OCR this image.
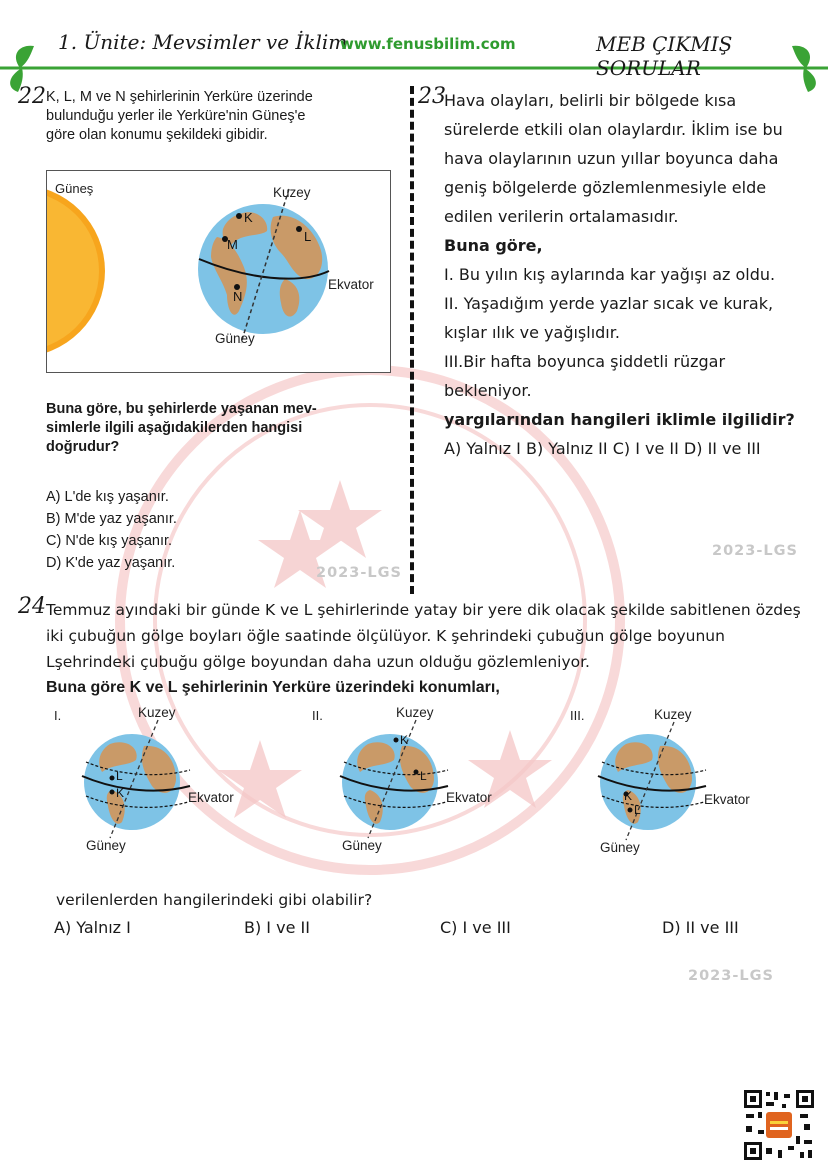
1. Ünite: Mevsimler ve İklim
www.fenusbilim.com	MEB ÇIKMIŞ SORULAR
22 K, L, M ve N şehirlerinin Yerküre üzerinde
bulunduğu yerler ile Yerküre'nin Güneş'e
göre olan konumu şekildeki gibidir.
Güneş
K
L
M
N
Kuzey
Güney
Ekvator
Buna göre, bu şehirlerde yaşanan mev-
simlerle ilgili aşağıdakilerden hangisi
doğrudur?
A) L'de kış yaşanır.
B) M'de yaz yaşanır.
C) N'de kış yaşanır.
D) K'de yaz yaşanır.
2023-LGS
23
Hava olayları, belirli bir bölgede kısa
sürelerde etkili olan olaylardır. İklim ise bu
hava olaylarının uzun yıllar boyunca daha
geniş bölgelerde gözlemlenmesiyle elde
edilen verilerin ortalamasıdır.
Buna göre,
I. Bu yılın kış aylarında kar yağışı az oldu.
II. Yaşadığım yerde yazlar sıcak ve kurak,
kışlar ılık ve yağışlıdır.
III.Bir hafta boyunca şiddetli rüzgar
bekleniyor.
yargılarından hangileri iklimle ilgilidir?
A) Yalnız I B) Yalnız II C) I ve II D) II ve III
2023-LGS
24 Temmuz ayındaki bir günde K ve L şehirlerinde yatay bir yere dik olacak şekilde sabitlenen özdeş
iki çubuğun gölge boyları öğle saatinde ölçülüyor. K şehrindeki çubuğun gölge boyunun
Lşehrindeki çubuğu gölge boyundan daha uzun olduğu gözlemleniyor.
Buna göre K ve L şehirlerinin Yerküre üzerindeki konumları,
I.	Kuzey
L
K	Ekvator
Güney
II.	Kuzey
K
L
Ekvator
Güney
III.	Kuzey
K
L
Ekvator
Güney
verilenlerden hangilerindeki gibi olabilir?
A) Yalnız I	B) I ve II	C) I ve III	D) II ve III
2023-LGS
